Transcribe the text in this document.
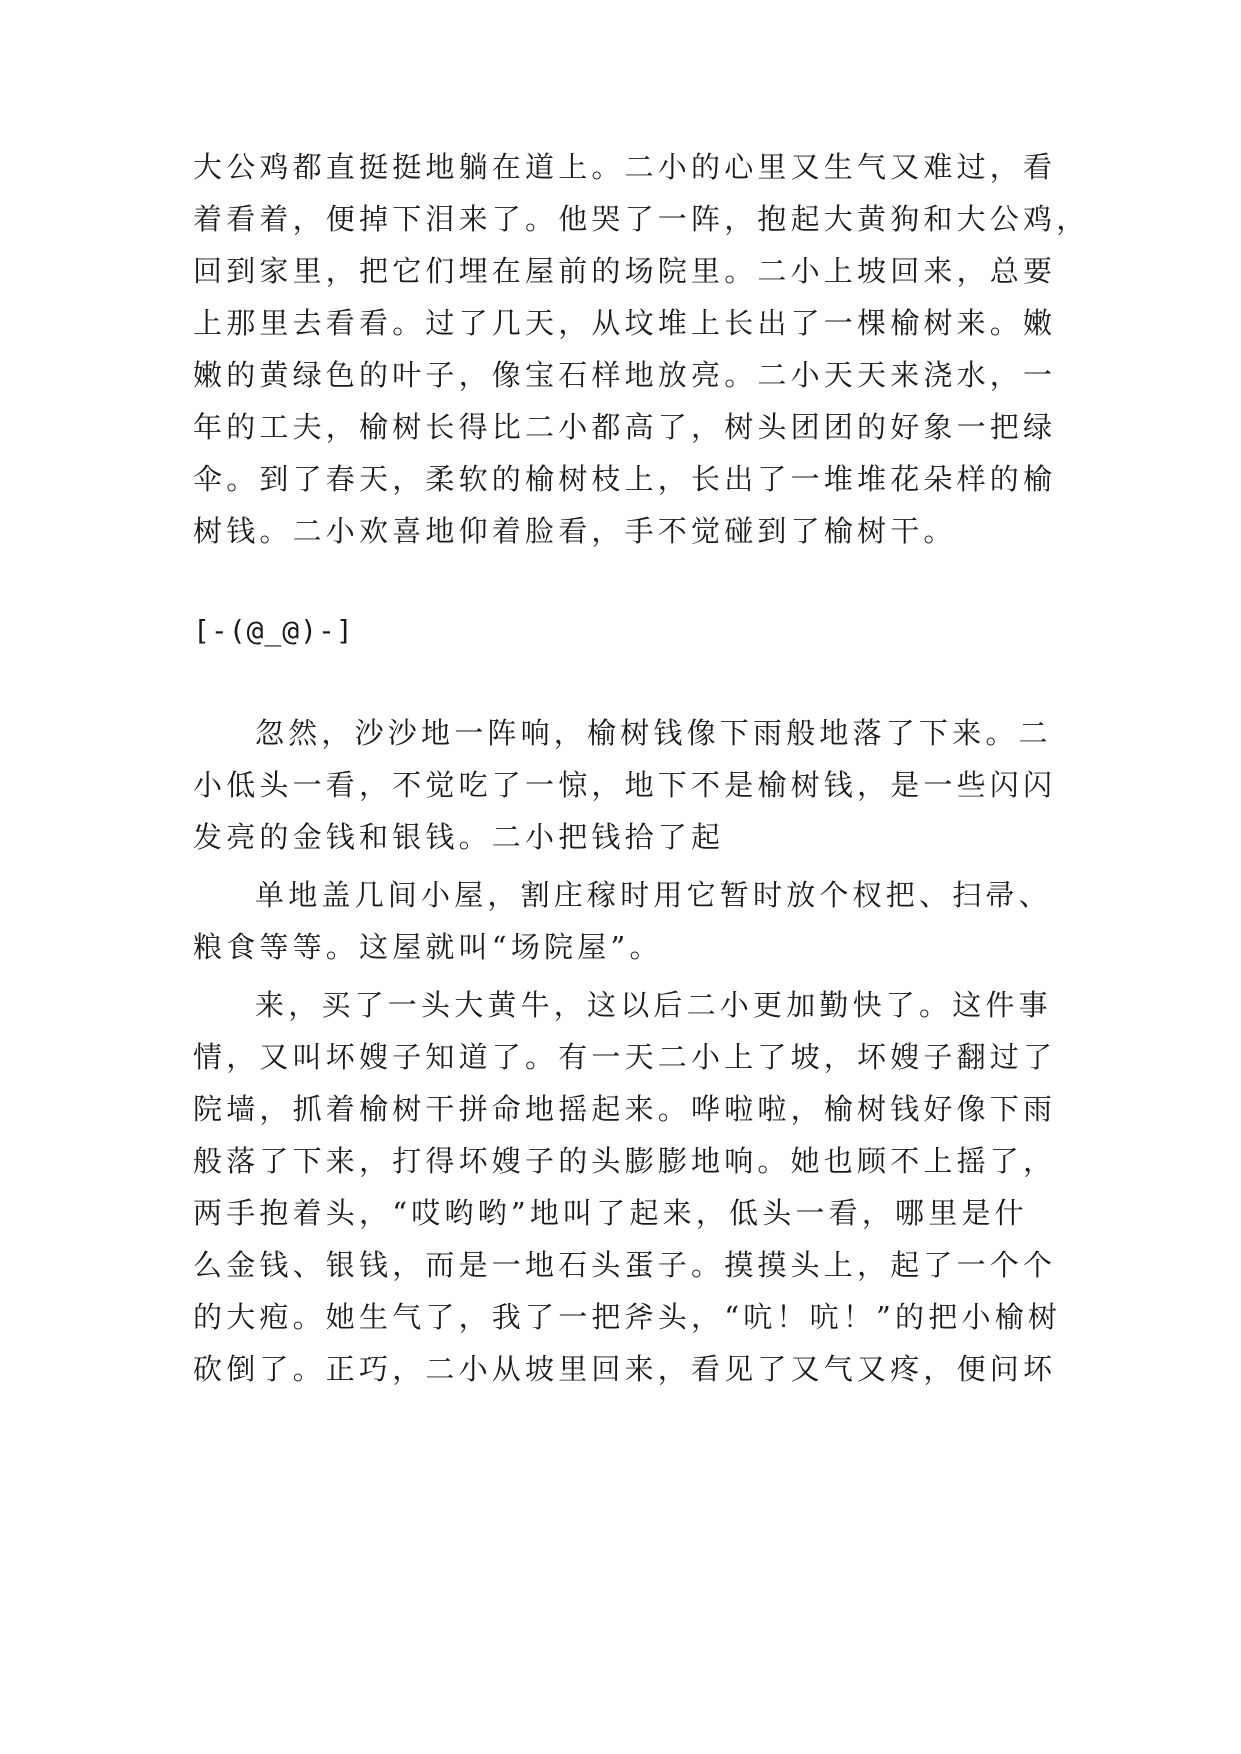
大公鸡都直挺挺地躺在道上。二小的心里又生气又难过，看
着看着，便掉下泪来了。他哭了一阵，抱起大黄狗和大公鸡，
回到家里，把它们埋在屋前的场院里。二小上坡回来，总要
上那里去看看。过了几天，从坟堆上长出了一棵榆树来。嫩
嫩的黄绿色的叶子，像宝石样地放亮。二小天天来浇水，一
年的工夫，榆树长得比二小都高了，树头团团的好象一把绿
伞。到了春天，柔软的榆树枝上，长出了一堆堆花朵样的榆
树钱。二小欢喜地仰着脸看，手不觉碰到了榆树干。
[-(@_@)-]
忽然，沙沙地一阵响，榆树钱像下雨般地落了下来。二
小低头一看，不觉吃了一惊，地下不是榆树钱，是一些闪闪
发亮的金钱和银钱。二小把钱拾了起
单地盖几间小屋，割庄稼时用它暂时放个杈把、扫帚、
粮食等等。这屋就叫“场院屋”。
来，买了一头大黄牛，这以后二小更加勤快了。这件事
情，又叫坏嫂子知道了。有一天二小上了坡，坏嫂子翻过了
院墙，抓着榆树干拼命地摇起来。哗啦啦，榆树钱好像下雨
般落了下来，打得坏嫂子的头膨膨地响。她也顾不上摇了，
两手抱着头，“哎哟哟”地叫了起来，低头一看，哪里是什
么金钱、银钱，而是一地石头蛋子。摸摸头上，起了一个个
的大疱。她生气了，我了一把斧头，“吭！吭！”的把小榆树
砍倒了。正巧，二小从坡里回来，看见了又气又疼，便问坏
